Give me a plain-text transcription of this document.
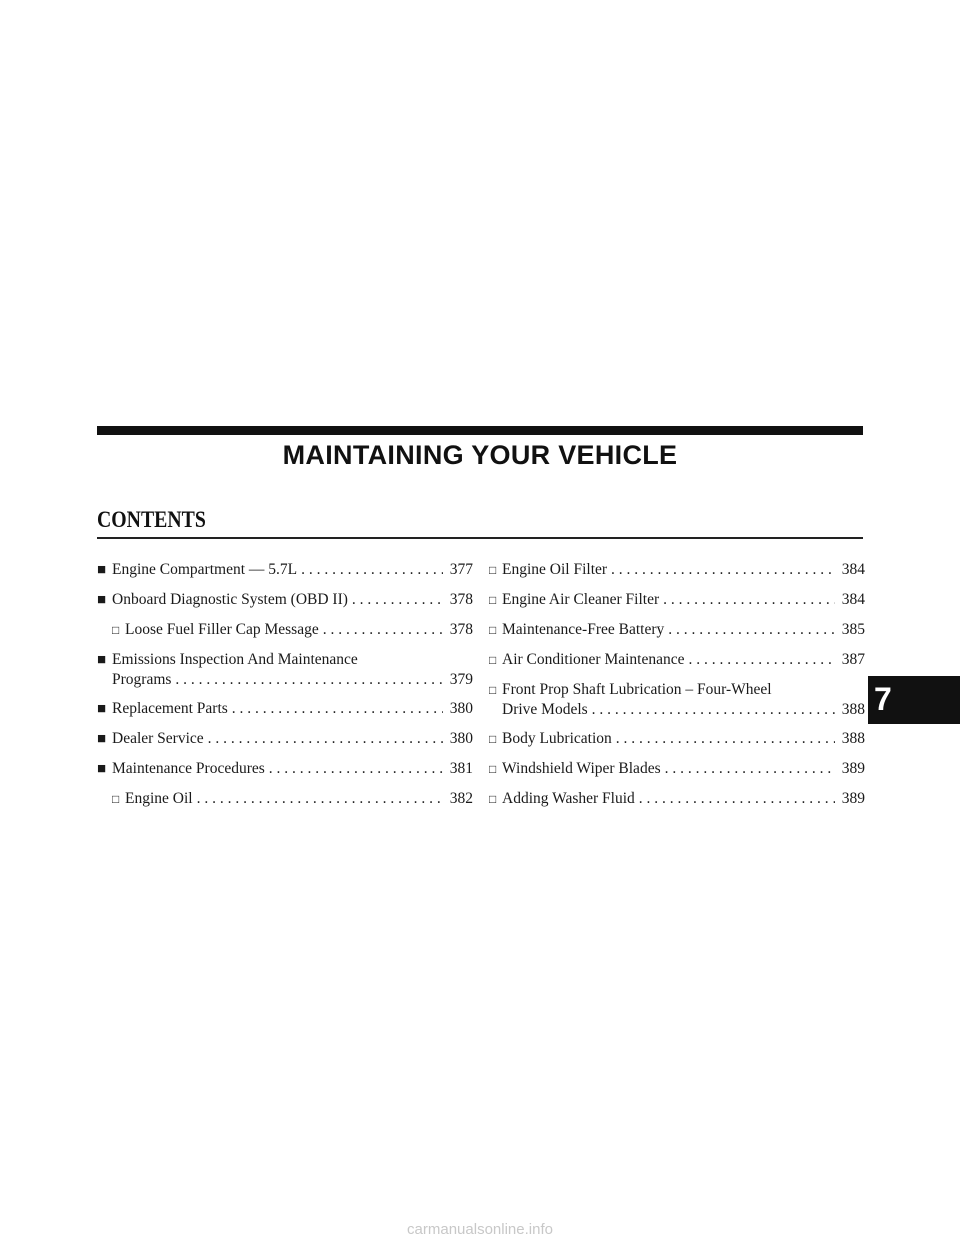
MAINTAINING YOUR VEHICLE
CONTENTS
■ Engine Compartment — 5.7L . . .	377
■ Onboard Diagnostic System (OBD II) . . .	378
□ Loose Fuel Filler Cap Message . . .	378
■ Emissions Inspection And Maintenance
Programs . . .	379
■ Replacement Parts . . .	380
■ Dealer Service . . .	380
■ Maintenance Procedures . . .	381
□ Engine Oil . . .	382
□ Engine Oil Filter . . .	384
□ Engine Air Cleaner Filter . . .	384
□ Maintenance-Free Battery . . .	385
□ Air Conditioner Maintenance . . .	387
□ Front Prop Shaft Lubrication – Four-Wheel
Drive Models . . .	388
□ Body Lubrication . . .	388
□ Windshield Wiper Blades . . .	389
□ Adding Washer Fluid . . .	389
7
carmanualsonline.info
